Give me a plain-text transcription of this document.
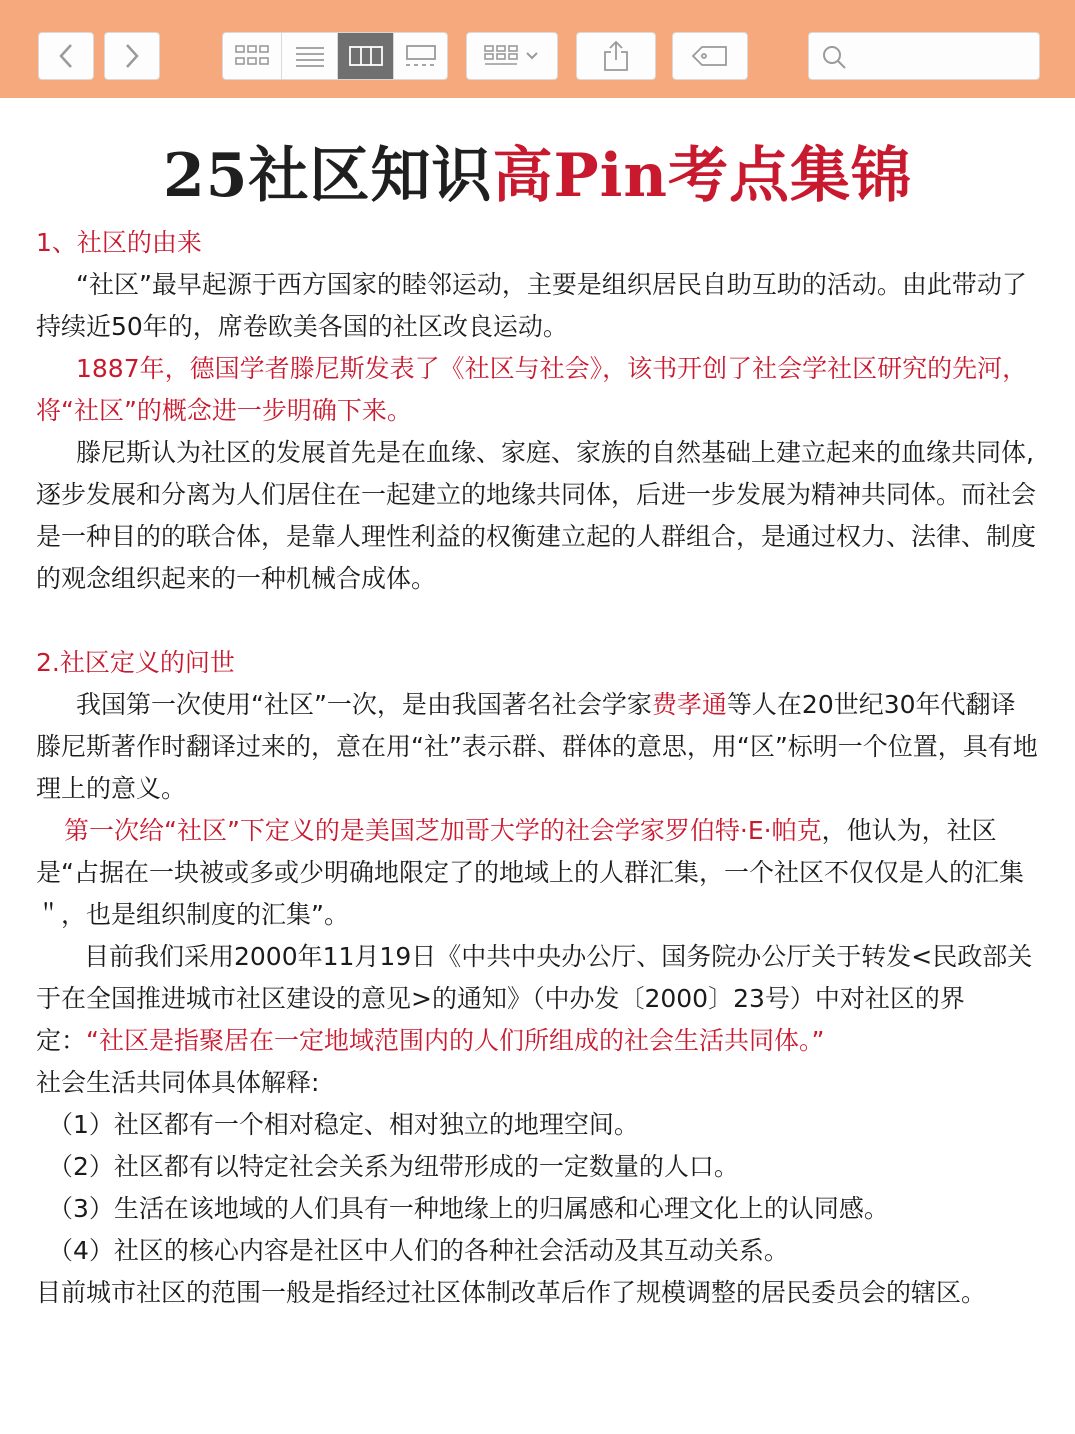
25社区知识高Pin考点集锦

1、社区的由来

“社区”最早起源于西方国家的睦邻运动，主要是组织居民自助互助的活动。由此带动了持续近50年的，席卷欧美各国的社区改良运动。

1887年，德国学者滕尼斯发表了《社区与社会》，该书开创了社会学社区研究的先河，将“社区”的概念进一步明确下来。

滕尼斯认为社区的发展首先是在血缘、家庭、家族的自然基础上建立起来的血缘共同体,逐步发展和分离为人们居住在一起建立的地缘共同体，后进一步发展为精神共同体。而社会是一种目的的联合体，是靠人理性利益的权衡建立起的人群组合，是通过权力、法律、制度的观念组织起来的一种机械合成体。

2.社区定义的问世

我国第一次使用“社区”一次，是由我国著名社会学家费孝通等人在20世纪30年代翻译滕尼斯著作时翻译过来的，意在用“社”表示群、群体的意思，用“区”标明一个位置，具有地理上的意义。

第一次给“社区”下定义的是美国芝加哥大学的社会学家罗伯特·E·帕克，他认为，社区是“占据在一块被或多或少明确地限定了的地域上的人群汇集，一个社区不仅仅是人的汇集＂，也是组织制度的汇集”。

目前我们采用2000年11月19日《中共中央办公厅、国务院办公厅关于转发<民政部关于在全国推进城市社区建设的意见>的通知》（中办发〔2000〕23号）中对社区的界定：“社区是指聚居在一定地域范围内的人们所组成的社会生活共同体。”

社会生活共同体具体解释:

（1）社区都有一个相对稳定、相对独立的地理空间。

（2）社区都有以特定社会关系为纽带形成的一定数量的人口。

（3）生活在该地域的人们具有一种地缘上的归属感和心理文化上的认同感。

（4）社区的核心内容是社区中人们的各种社会活动及其互动关系。

目前城市社区的范围一般是指经过社区体制改革后作了规模调整的居民委员会的辖区。
